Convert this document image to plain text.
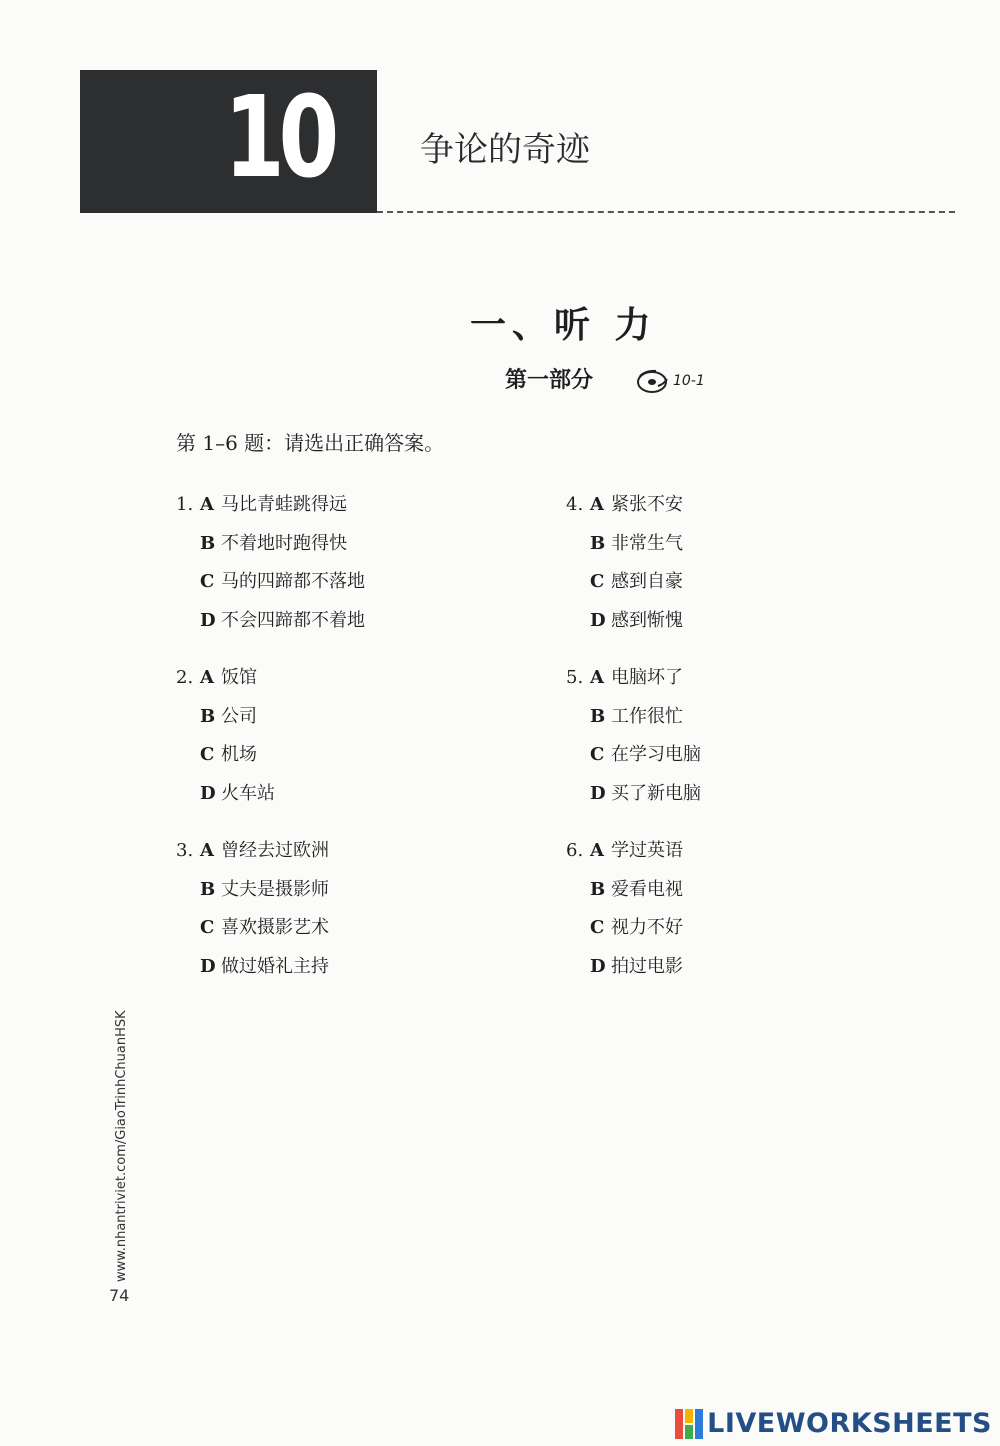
10	争论的奇迹
一、听 力
第一部分	10-1
第 1–6 题：请选出正确答案。
1. A 马比青蛙跳得远
B 不着地时跑得快
C 马的四蹄都不落地
D 不会四蹄都不着地
2. A 饭馆
B 公司
C 机场
D 火车站
3. A 曾经去过欧洲
B 丈夫是摄影师
C 喜欢摄影艺术
D 做过婚礼主持
4. A 紧张不安
B 非常生气
C 感到自豪
D 感到惭愧
5. A 电脑坏了
B 工作很忙
C 在学习电脑
D 买了新电脑
6. A 学过英语
B 爱看电视
C 视力不好
D 拍过电影
www.nhantriviet.com/GiaoTrinhChuanHSK
74
LIVEWORKSHEETS
